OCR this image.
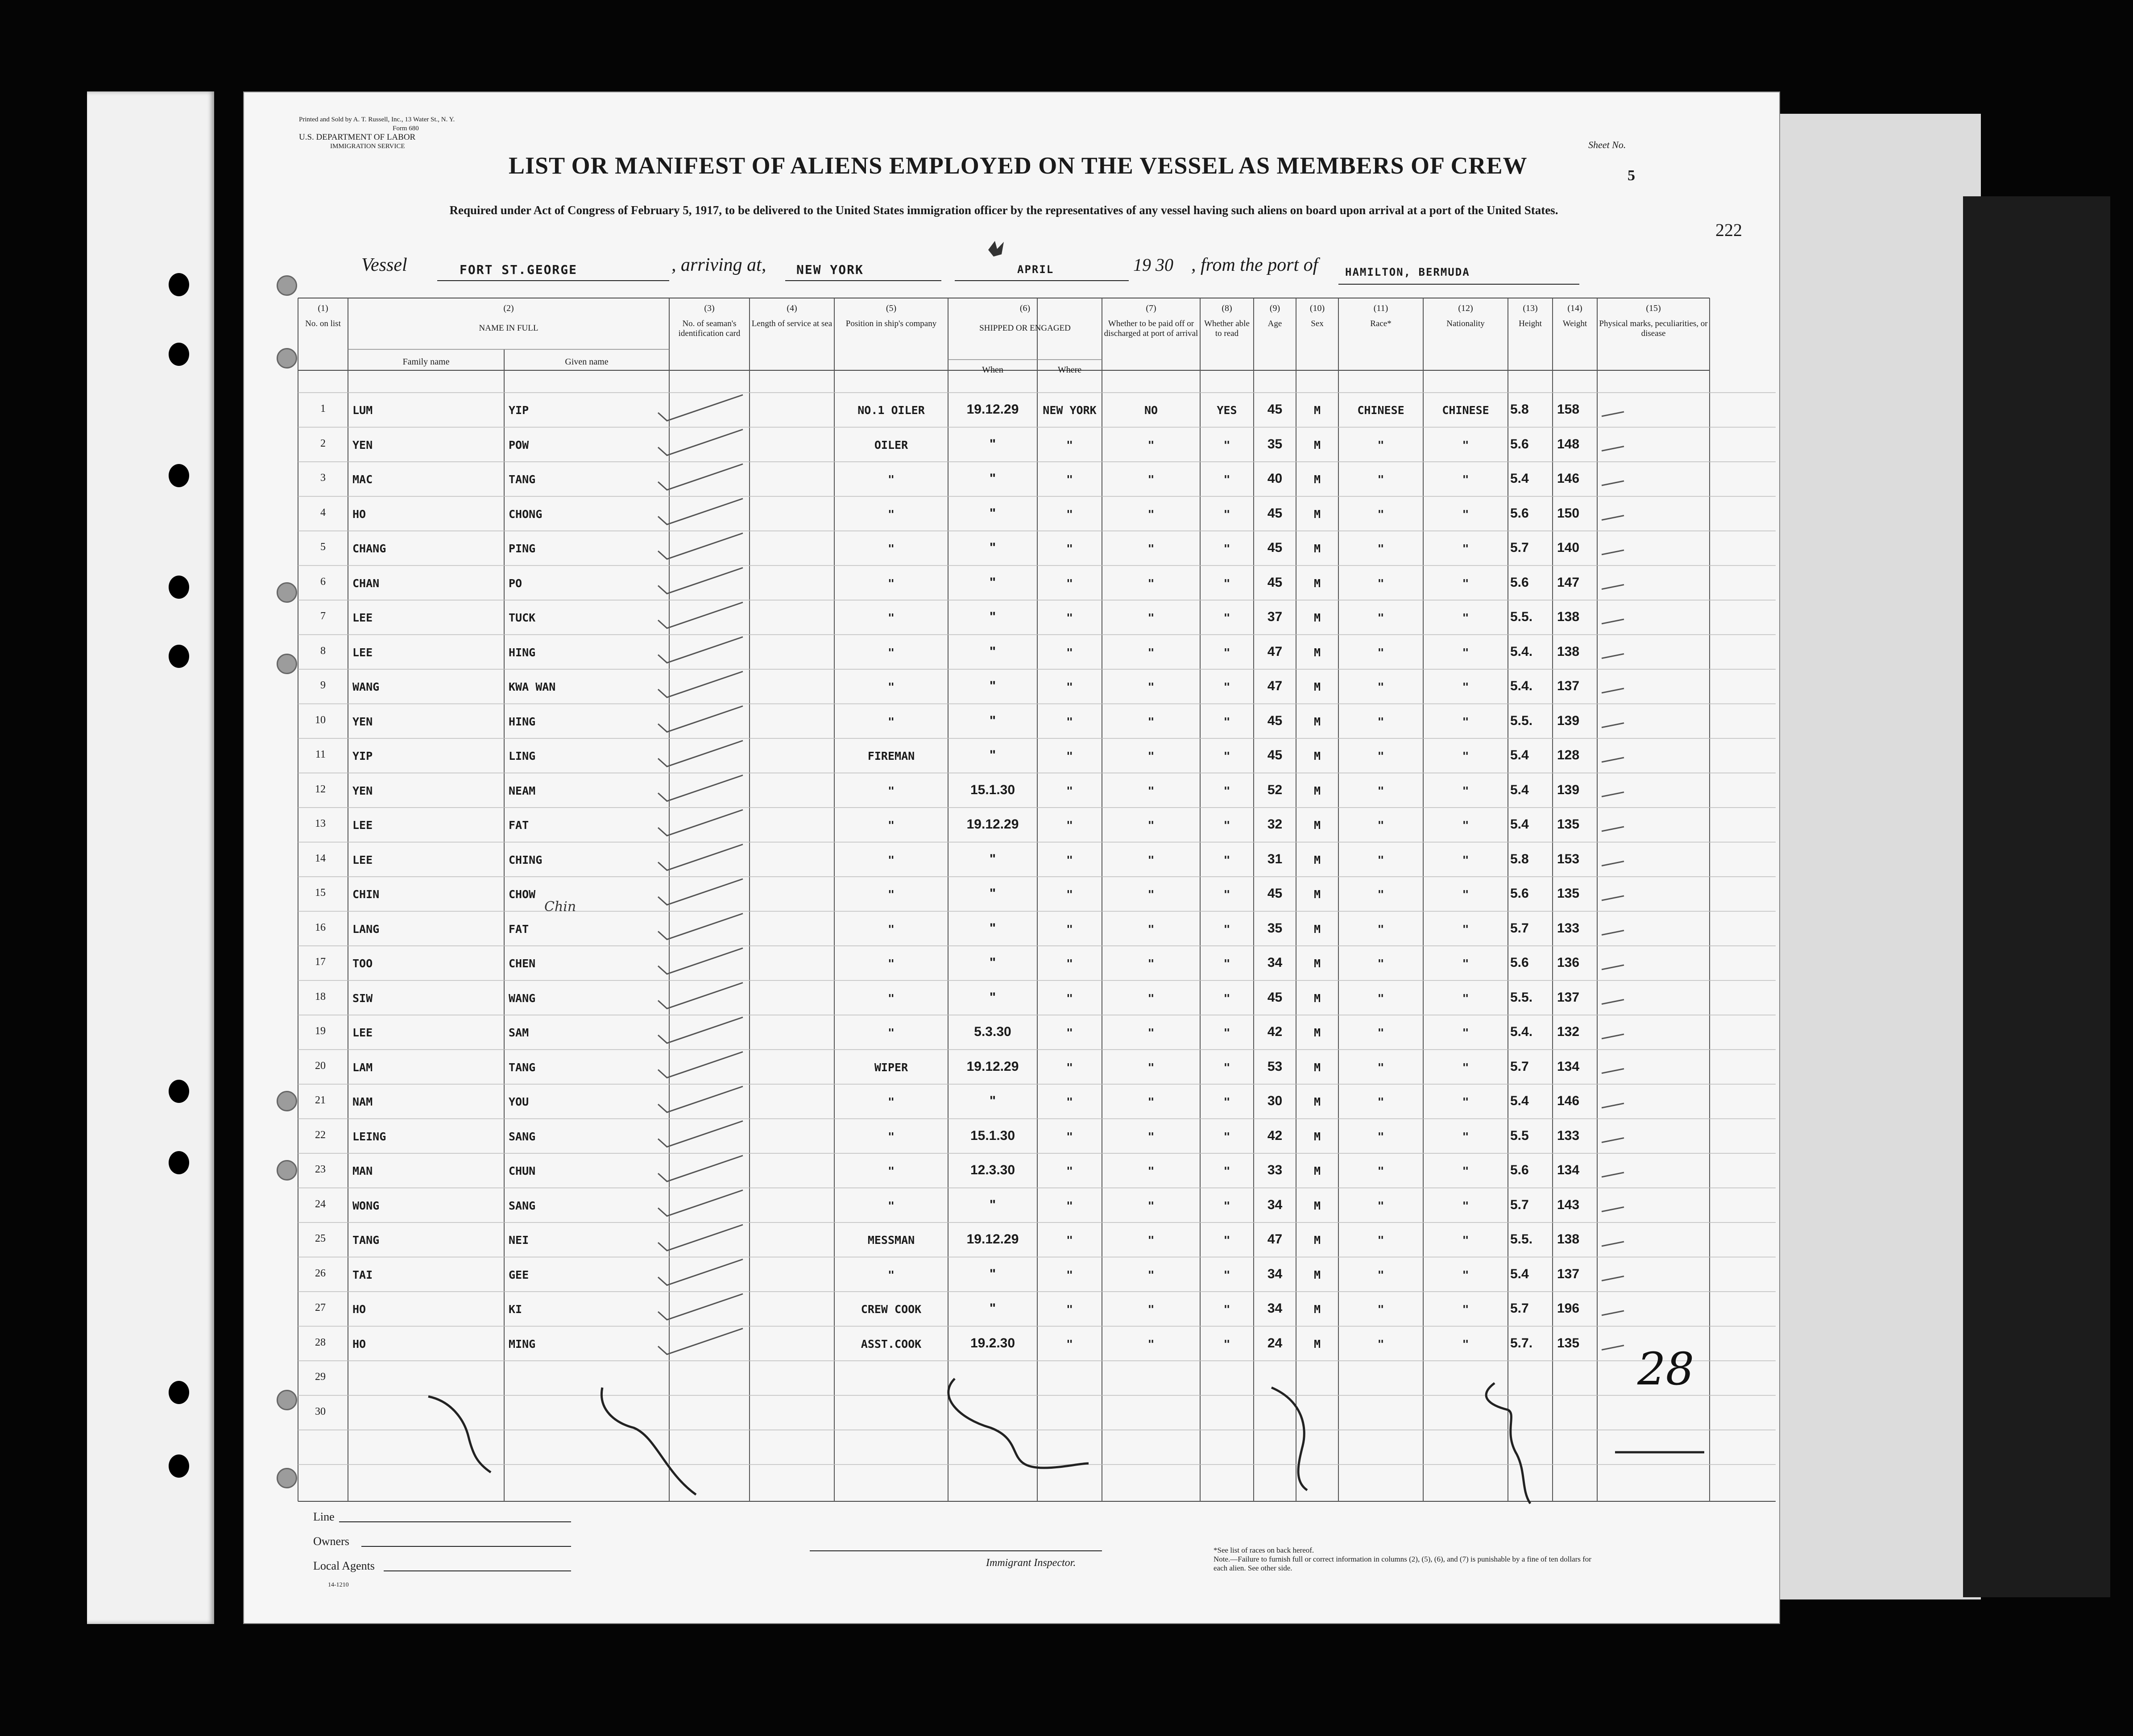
Printed and Sold by A. T. Russell, Inc., 13 Water St., N. Y.
Form 680
U.S. DEPARTMENT OF LABOR
IMMIGRATION SERVICE
LIST OR MANIFEST OF ALIENS EMPLOYED ON THE VESSEL AS MEMBERS OF CREW
Sheet No.
5
222
Required under Act of Congress of February 5, 1917, to be delivered to the United States immigration officer by the representatives of any vessel having such aliens on board upon arrival at a port of the United States.
Vessel	FORT ST.GEORGE	, arriving at, NEW YORK	APRIL	19 30 , from the port of	HAMILTON, BERMUDA
(1)
No. on list
(2)
NAME IN FULL
Family name	Given name
(3)
No. of seaman's identification card
(4)
Length of service at sea
(5)
Position in ship's company
(6)
SHIPPED OR ENGAGED
When	Where
(7)
Whether to be paid off or discharged at port of arrival
(8)
Whether able to read
(9)
Age
(10)
Sex
(11)
Race*
(12)
Nationality
(13)
Height
(14)
Weight
(15)
Physical marks, peculiarities, or disease
1 LUM	YIP	NO.1 OILER	19.12.29	NEW YORK	NO	YES	45	M	CHINESE	CHINESE	5.8 158
2 YEN	POW	OILER	"	"	"	"	35	M	"	"	5.6 148
3 MAC	TANG	"	"	"	"	"	40	M	"	"	5.4 146
4 HO	CHONG	"	"	"	"	"	45	M	"	"	5.6 150
5 CHANG	PING	"	"	"	"	"	45	M	"	"	5.7 140
6 CHAN	PO	"	"	"	"	"	45	M	"	"	5.6 147
7 LEE	TUCK	"	"	"	"	"	37	M	"	"	5.5. 138
8 LEE	HING	"	"	"	"	"	47	M	"	"	5.4. 138
9 WANG	KWA WAN	"	"	"	"	"	47	M	"	"	5.4. 137
10 YEN	HING	"	"	"	"	"	45	M	"	"	5.5. 139
11 YIP	LING	FIREMAN	"	"	"	"	45	M	"	"	5.4 128
12 YEN	NEAM	"	15.1.30	"	"	"	52	M	"	"	5.4 139
13 LEE	FAT	"	19.12.29	"	"	"	32	M	"	"	5.4 135
14 LEE	CHING	"	"	"	"	"	31	M	"	"	5.8 153
15 CHIN	CHOW	"	"	"	"	"	45	M	"	"	5.6 135
16 LANG	FAT	"	"	"	"	"	35	M	"	"	5.7 133
17 TOO	CHEN	"	"	"	"	"	34	M	"	"	5.6 136
18 SIW	WANG	"	"	"	"	"	45	M	"	"	5.5. 137
19 LEE	SAM	"	5.3.30	"	"	"	42	M	"	"	5.4. 132
20 LAM	TANG	WIPER	19.12.29	"	"	"	53	M	"	"	5.7 134
21 NAM	YOU	"	"	"	"	"	30	M	"	"	5.4 146
22 LEING	SANG	"	15.1.30	"	"	"	42	M	"	"	5.5 133
23 MAN	CHUN	"	12.3.30	"	"	"	33	M	"	"	5.6 134
24 WONG	SANG	"	"	"	"	"	34	M	"	"	5.7 143
25 TANG	NEI	MESSMAN	19.12.29	"	"	"	47	M	"	"	5.5. 138
26 TAI	GEE	"	"	"	"	"	34	M	"	"	5.4 137
27 HO	KI	CREW COOK	"	"	"	"	34	M	"	"	5.7 196
28 HO	MING	ASST.COOK	19.2.30	"	"	"	24	M	"	"	5.7. 135
29
30
Chin
28
Line
Owners
Local Agents
14-1210
Immigrant Inspector.
*See list of races on back hereof.
Note.—Failure to furnish full or correct information in columns (2), (5), (6), and (7) is punishable by a fine of ten dollars for each alien. See other side.
